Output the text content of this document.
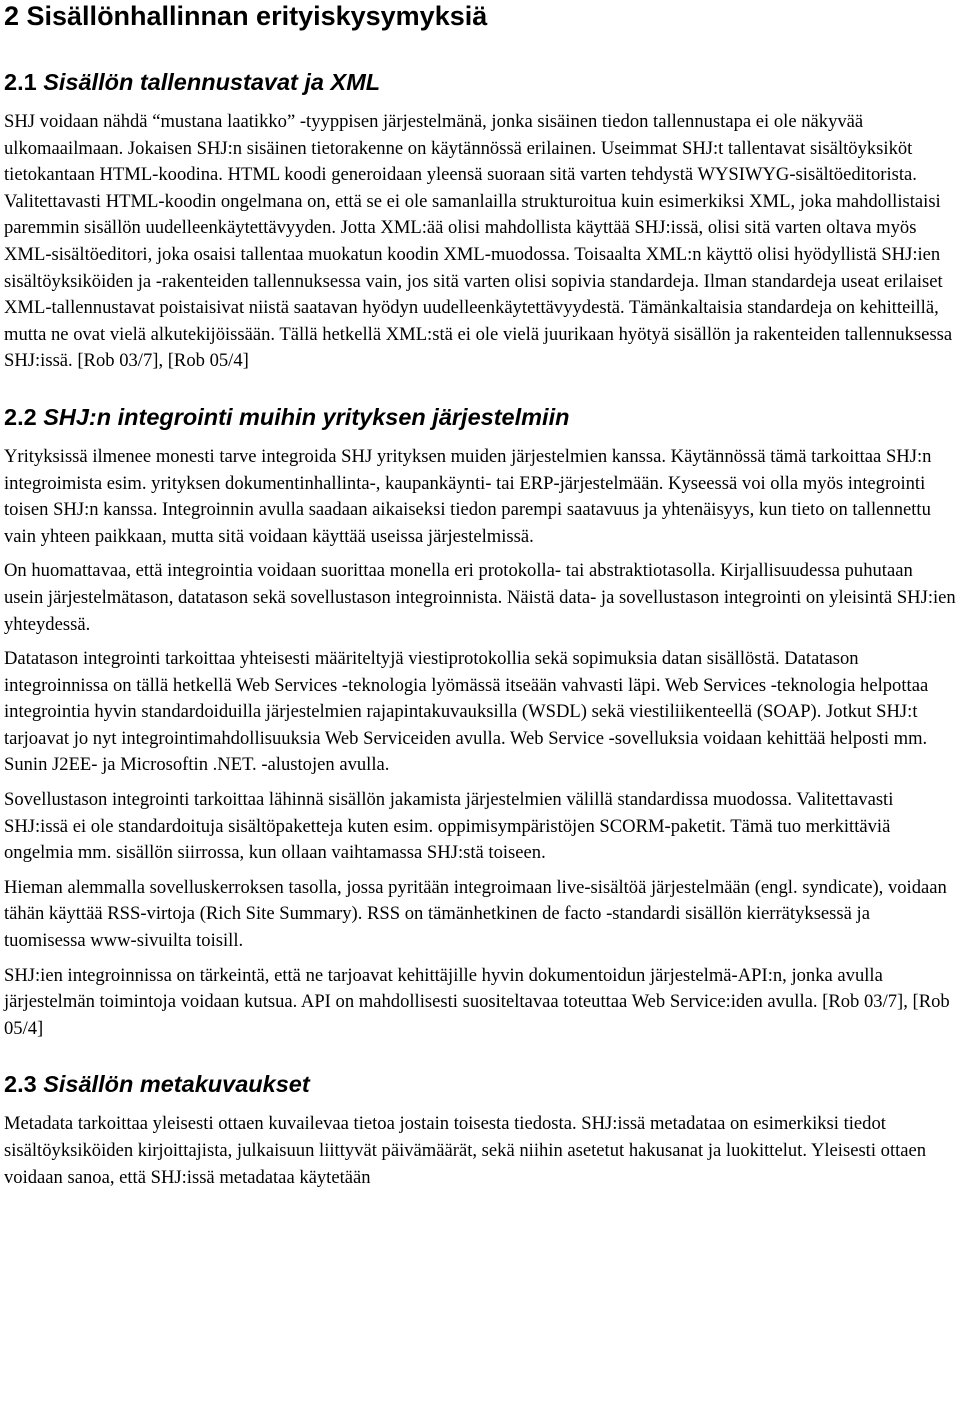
2 Sisällönhallinnan erityiskysymyksiä
2.1 Sisällön tallennustavat ja XML

SHJ voidaan nähdä “mustana laatikko” -tyyppisen järjestelmänä, jonka sisäinen tiedon tallennustapa ei ole näkyvää ulkomaailmaan. Jokaisen SHJ:n sisäinen tietorakenne on käytännössä erilainen. Useimmat SHJ:t tallentavat sisältöyksiköt tietokantaan HTML-koodina. HTML koodi generoidaan yleensä suoraan sitä varten tehdystä WYSIWYG-sisältöeditorista. Valitettavasti HTML-koodin ongelmana on, että se ei ole samanlailla strukturoitua kuin esimerkiksi XML, joka mahdollistaisi paremmin sisällön uudelleenkäytettävyyden. Jotta XML:ää olisi mahdollista käyttää SHJ:issä, olisi sitä varten oltava myös XML-sisältöeditori, joka osaisi tallentaa muokatun koodin XML-muodossa. Toisaalta XML:n käyttö olisi hyödyllistä SHJ:ien sisältöyksiköiden ja -rakenteiden tallennuksessa vain, jos sitä varten olisi sopivia standardeja. Ilman standardeja useat erilaiset XML-tallennustavat poistaisivat niistä saatavan hyödyn uudelleenkäytettävyydestä. Tämänkaltaisia standardeja on kehitteillä, mutta ne ovat vielä alkutekijöissään. Tällä hetkellä XML:stä ei ole vielä juurikaan hyötyä sisällön ja rakenteiden tallennuksessa SHJ:issä. [Rob 03/7], [Rob 05/4]

2.2 SHJ:n integrointi muihin yrityksen järjestelmiin

Yrityksissä ilmenee monesti tarve integroida SHJ yrityksen muiden järjestelmien kanssa. Käytännössä tämä tarkoittaa SHJ:n integroimista esim. yrityksen dokumentinhallinta-, kaupankäynti- tai ERP-järjestelmään. Kyseessä voi olla myös integrointi toisen SHJ:n kanssa. Integroinnin avulla saadaan aikaiseksi tiedon parempi saatavuus ja yhtenäisyys, kun tieto on tallennettu vain yhteen paikkaan, mutta sitä voidaan käyttää useissa järjestelmissä.

On huomattavaa, että integrointia voidaan suorittaa monella eri protokolla- tai abstraktiotasolla. Kirjallisuudessa puhutaan usein järjestelmätason, datatason sekä sovellustason integroinnista. Näistä data- ja sovellustason integrointi on yleisintä SHJ:ien yhteydessä.

Datatason integrointi tarkoittaa yhteisesti määriteltyjä viestiprotokollia sekä sopimuksia datan sisällöstä. Datatason integroinnissa on tällä hetkellä Web Services -teknologia lyömässä itseään vahvasti läpi. Web Services -teknologia helpottaa integrointia hyvin standardoiduilla järjestelmien rajapintakuvauksilla (WSDL) sekä viestiliikenteellä (SOAP). Jotkut SHJ:t tarjoavat jo nyt integrointimahdollisuuksia Web Serviceiden avulla. Web Service -sovelluksia voidaan kehittää helposti mm. Sunin J2EE- ja Microsoftin .NET. -alustojen avulla.

Sovellustason integrointi tarkoittaa lähinnä sisällön jakamista järjestelmien välillä standardissa muodossa. Valitettavasti SHJ:issä ei ole standardoituja sisältöpaketteja kuten esim. oppimisympäristöjen SCORM-paketit. Tämä tuo merkittäviä ongelmia mm. sisällön siirrossa, kun ollaan vaihtamassa SHJ:stä toiseen.

Hieman alemmalla sovelluskerroksen tasolla, jossa pyritään integroimaan live-sisältöä järjestelmään (engl. syndicate), voidaan tähän käyttää RSS-virtoja (Rich Site Summary). RSS on tämänhetkinen de facto -standardi sisällön kierrätyksessä ja tuomisessa www-sivuilta toisill.

SHJ:ien integroinnissa on tärkeintä, että ne tarjoavat kehittäjille hyvin dokumentoidun järjestelmä-API:n, jonka avulla järjestelmän toimintoja voidaan kutsua. API on mahdollisesti suositeltavaa toteuttaa Web Service:iden avulla. [Rob 03/7], [Rob 05/4]

2.3 Sisällön metakuvaukset

Metadata tarkoittaa yleisesti ottaen kuvailevaa tietoa jostain toisesta tiedosta. SHJ:issä metadataa on esimerkiksi tiedot sisältöyksiköiden kirjoittajista, julkaisuun liittyvät päivämäärät, sekä niihin asetetut hakusanat ja luokittelut. Yleisesti ottaen voidaan sanoa, että SHJ:issä metadataa käytetään
